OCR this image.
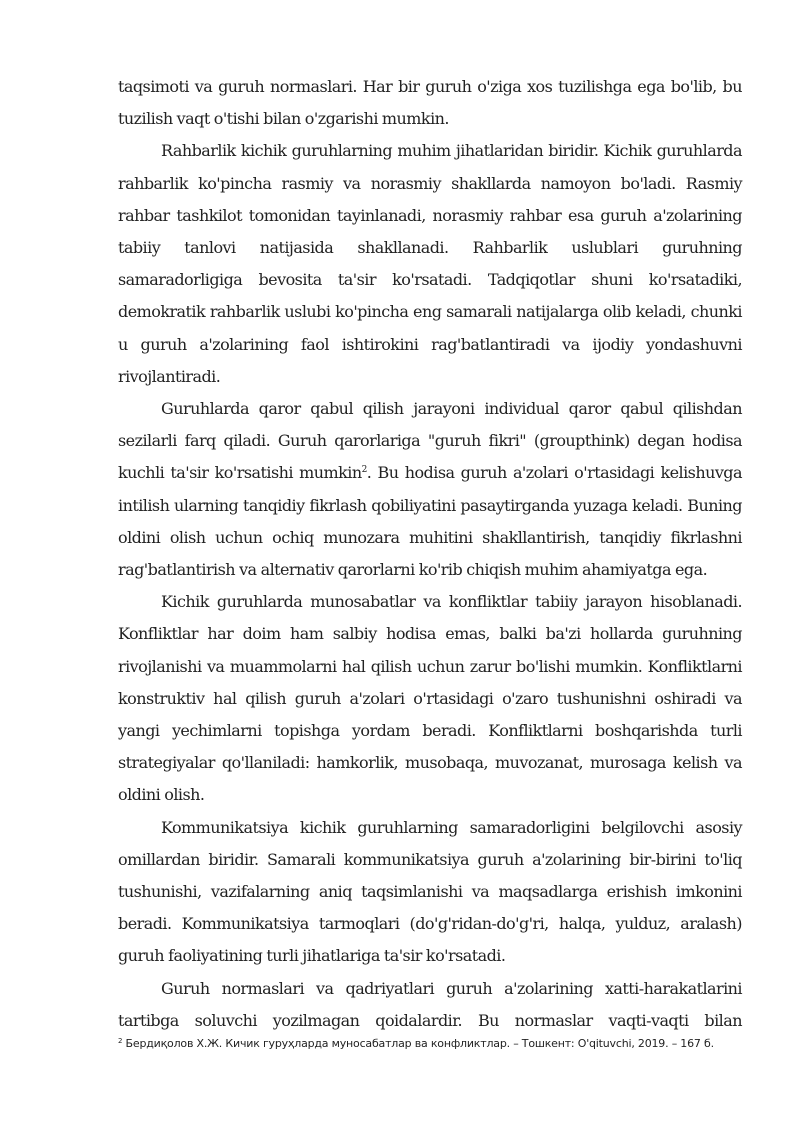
taqsimoti va guruh normaslari. Har bir guruh o'ziga xos tuzilishga ega bo'lib, bu tuzilish vaqt o'tishi bilan o'zgarishi mumkin.

Rahbarlik kichik guruhlarning muhim jihatlaridan biridir. Kichik guruhlarda rahbarlik ko'pincha rasmiy va norasmiy shakllarda namoyon bo'ladi. Rasmiy rahbar tashkilot tomonidan tayinlanadi, norasmiy rahbar esa guruh a'zolarining tabiiy tanlovi natijasida shakllanadi. Rahbarlik uslublari guruhning samaradorligiga bevosita ta'sir ko'rsatadi. Tadqiqotlar shuni ko'rsatadiki, demokratik rahbarlik uslubi ko'pincha eng samarali natijalarga olib keladi, chunki u guruh a'zolarining faol ishtirokini rag'batlantiradi va ijodiy yondashuvni rivojlantiradi.

Guruhlarda qaror qabul qilish jarayoni individual qaror qabul qilishdan sezilarli farq qiladi. Guruh qarorlariga "guruh fikri" (groupthink) degan hodisa kuchli ta'sir ko'rsatishi mumkin$^2$. Bu hodisa guruh a'zolari o'rtasidagi kelishuvga intilish ularning tanqidiy fikrlash qobiliyatini pasaytirganda yuzaga keladi. Buning oldini olish uchun ochiq munozara muhitini shakllantirish, tanqidiy fikrlashni rag'batlantirish va alternativ qarorlarni ko'rib chiqish muhim ahamiyatga ega.

Kichik guruhlarda munosabatlar va konfliktlar tabiiy jarayon hisoblanadi. Konfliktlar har doim ham salbiy hodisa emas, balki ba'zi hollarda guruhning rivojlanishi va muammolarni hal qilish uchun zarur bo'lishi mumkin. Konfliktlarni konstruktiv hal qilish guruh a'zolari o'rtasidagi o'zaro tushunishni oshiradi va yangi yechimlarni topishga yordam beradi. Konfliktlarni boshqarishda turli strategiyalar qo'llaniladi: hamkorlik, musobaqa, muvozanat, murosaga kelish va oldini olish.

Kommunikatsiya kichik guruhlarning samaradorligini belgilovchi asosiy omillardan biridir. Samarali kommunikatsiya guruh a'zolarining bir-birini to'liq tushunishi, vazifalarning aniq taqsimlanishi va maqsadlarga erishish imkonini beradi. Kommunikatsiya tarmoqlari (do'g'ridan-do'g'ri, halqa, yulduz, aralash) guruh faoliyatining turli jihatlariga ta'sir ko'rsatadi.

Guruh normaslari va qadriyatlari guruh a'zolarining xatti-harakatlarini tartibga soluvchi yozilmagan qoidalardir. Bu normaslar vaqti-vaqti bilan

$^2$ Бердиқолов Х.Ж. Кичик гуруҳларда муносабатлар ва конфликтлар. – Тошкент: O'qituvchi, 2019. – 167 б.
